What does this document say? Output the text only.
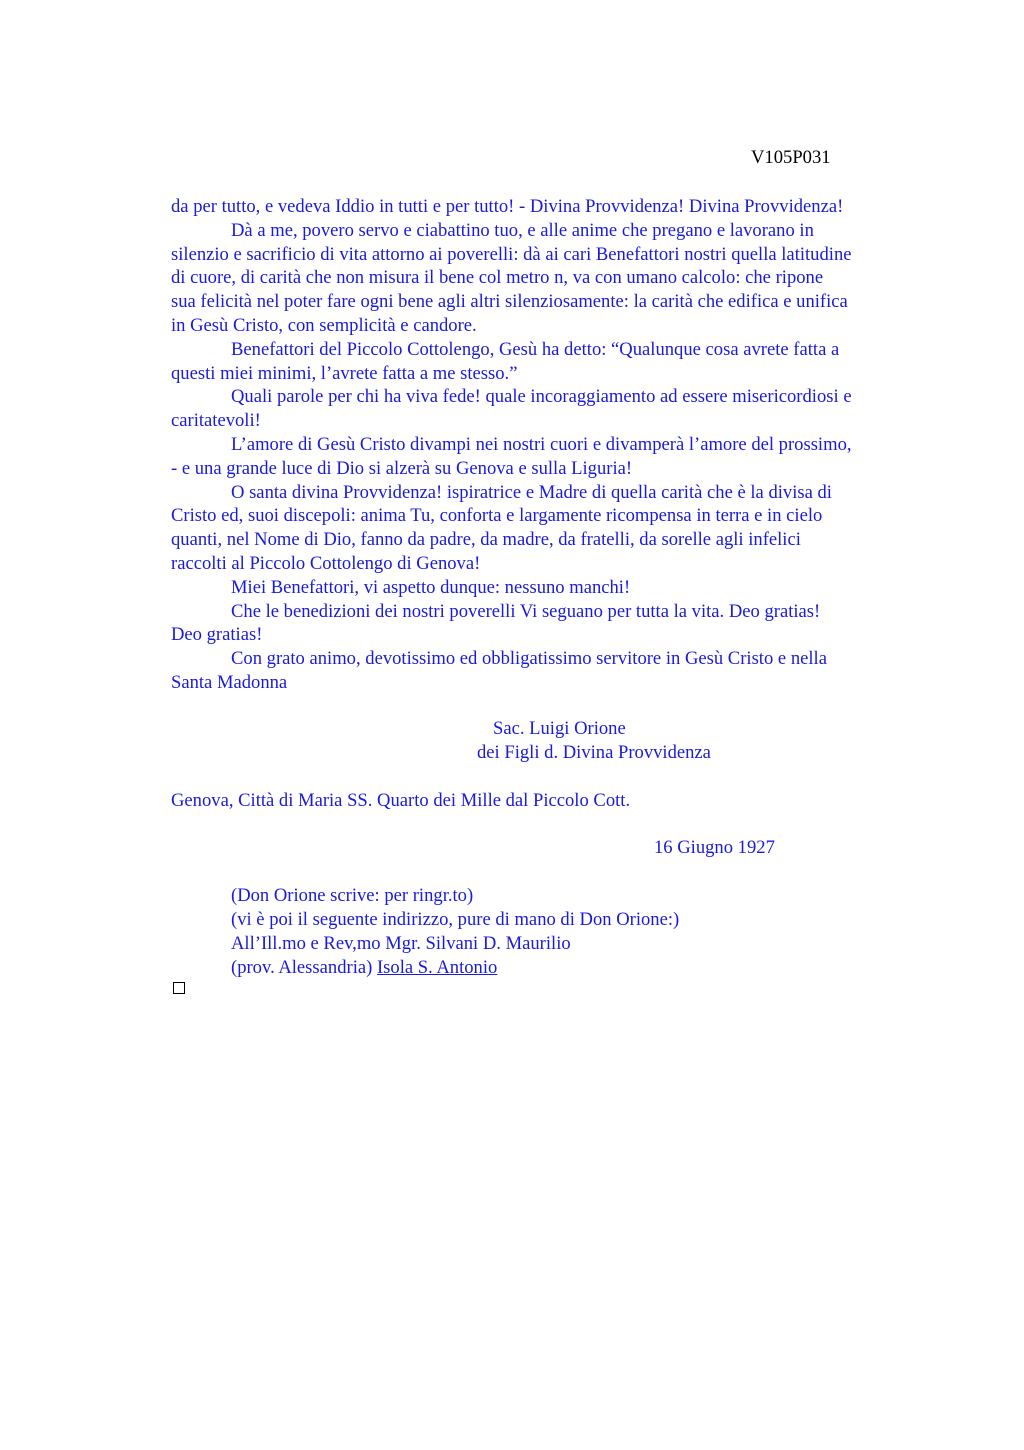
V105P031
da per tutto, e vedeva Iddio in tutti e per tutto! - Divina Provvidenza! Divina Provvidenza!
Dà a me, povero servo e ciabattino tuo, e alle anime che pregano e lavorano in
silenzio e sacrificio di vita attorno ai poverelli: dà ai cari Benefattori nostri quella latitudine
di cuore, di carità che non misura il bene col metro n, va con umano calcolo: che ripone
sua felicità nel poter fare ogni bene agli altri silenziosamente: la carità che edifica e unifica
in Gesù Cristo, con semplicità e candore.
Benefattori del Piccolo Cottolengo, Gesù ha detto: “Qualunque cosa avrete fatta a
questi miei minimi, l’avrete fatta a me stesso.”
Quali parole per chi ha viva fede! quale incoraggiamento ad essere misericordiosi e
caritatevoli!
L’amore di Gesù Cristo divampi nei nostri cuori e divamperà l’amore del prossimo,
- e una grande luce di Dio si alzerà su Genova e sulla Liguria!
O santa divina Provvidenza! ispiratrice e Madre di quella carità che è la divisa di
Cristo ed, suoi discepoli: anima Tu, conforta e largamente ricompensa in terra e in cielo
quanti, nel Nome di Dio, fanno da padre, da madre, da fratelli, da sorelle agli infelici
raccolti al Piccolo Cottolengo di Genova!
Miei Benefattori, vi aspetto dunque: nessuno manchi!
Che le benedizioni dei nostri poverelli Vi seguano per tutta la vita. Deo gratias!
Deo gratias!
Con grato animo, devotissimo ed obbligatissimo servitore in Gesù Cristo e nella
Santa Madonna
Sac. Luigi Orione
dei Figli d. Divina Provvidenza
Genova, Città di Maria SS. Quarto dei Mille dal Piccolo Cott.
16 Giugno 1927
(Don Orione scrive: per ringr.to)
(vi è poi il seguente indirizzo, pure di mano di Don Orione:)
All’Ill.mo e Rev,mo Mgr. Silvani D. Maurilio
(prov. Alessandria) Isola S. Antonio
